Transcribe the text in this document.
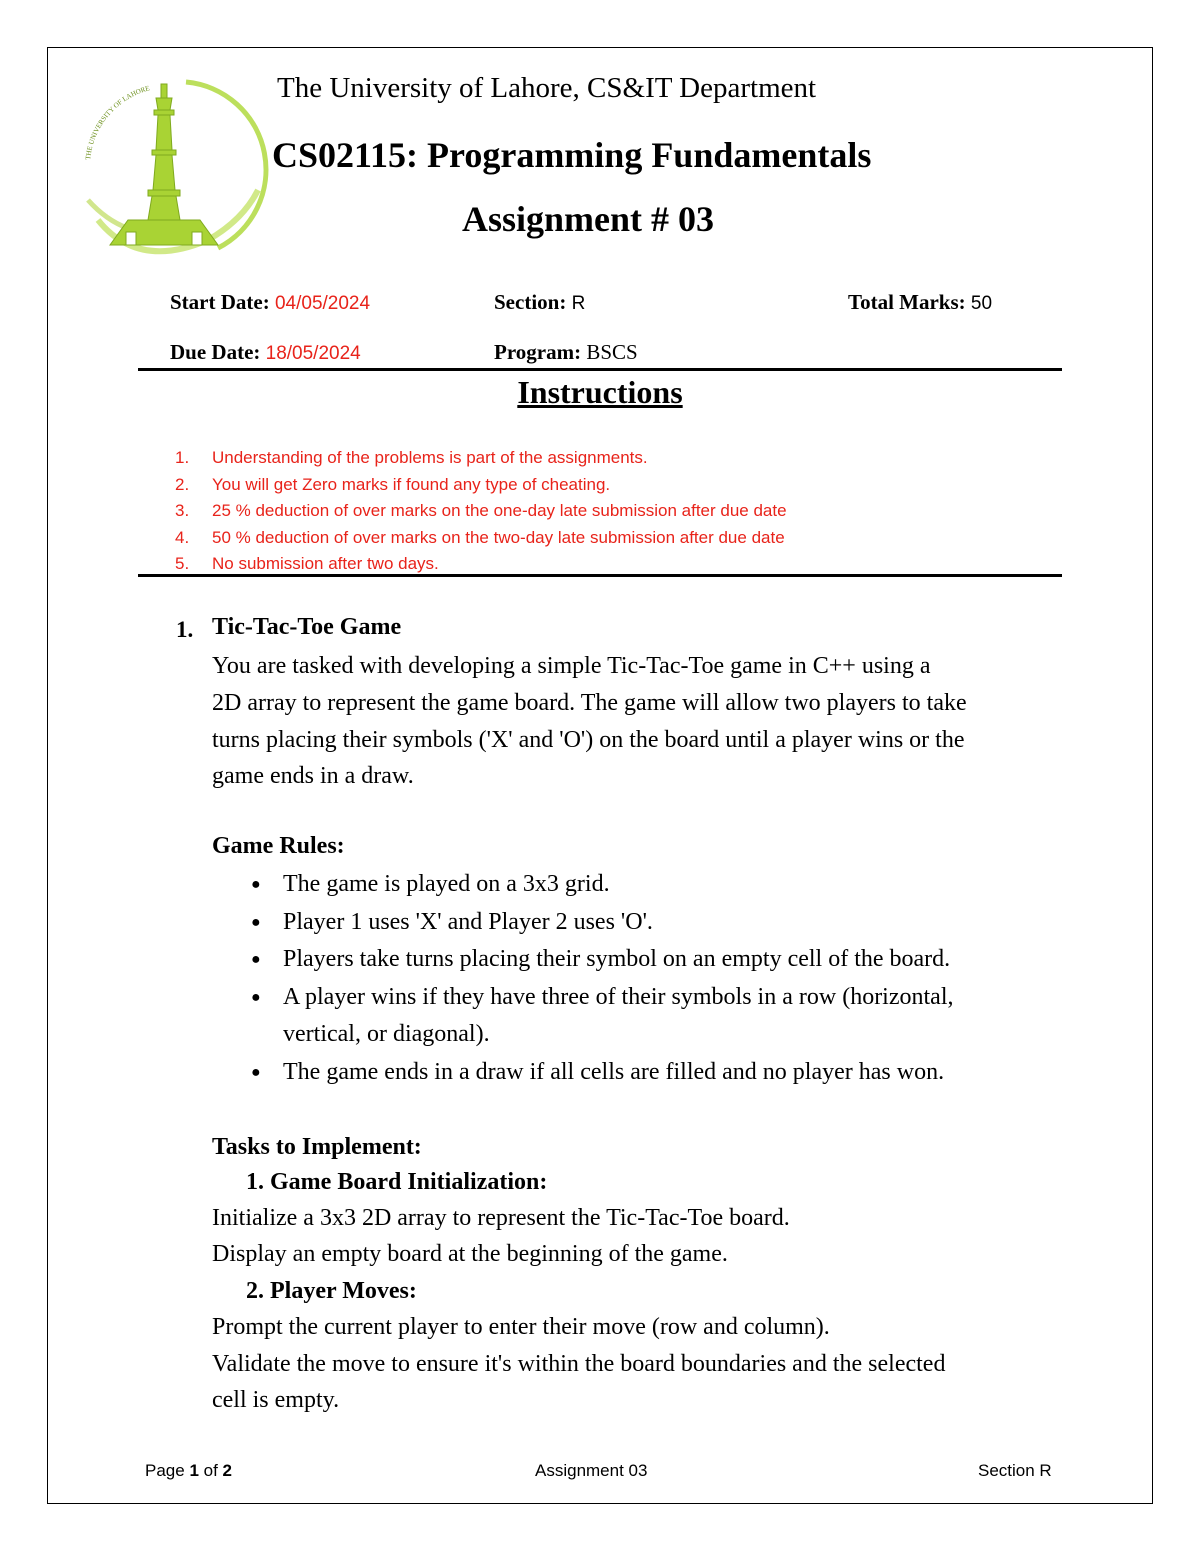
THE UNIVERSITY OF LAHORE	The University of Lahore, CS&IT Department
CS02115: Programming Fundamentals
Assignment # 03
Start Date: 04/05/2024	Section: R	Total Marks: 50
Due Date: 18/05/2024	Program: BSCS
Instructions
1. Understanding of the problems is part of the assignments.
2. You will get Zero marks if found any type of cheating.
3. 25 % deduction of over marks on the one-day late submission after due date
4. 50 % deduction of over marks on the two-day late submission after due date
5. No submission after two days.
1. Tic-Tac-Toe Game
You are tasked with developing a simple Tic-Tac-Toe game in C++ using a
2D array to represent the game board. The game will allow two players to take
turns placing their symbols ('X' and 'O') on the board until a player wins or the
game ends in a draw.
Game Rules:
● The game is played on a 3x3 grid.
● Player 1 uses 'X' and Player 2 uses 'O'.
● Players take turns placing their symbol on an empty cell of the board.
● A player wins if they have three of their symbols in a row (horizontal,
vertical, or diagonal).
● The game ends in a draw if all cells are filled and no player has won.
Tasks to Implement:
1. Game Board Initialization:
Initialize a 3x3 2D array to represent the Tic-Tac-Toe board.
Display an empty board at the beginning of the game.
2. Player Moves:
Prompt the current player to enter their move (row and column).
Validate the move to ensure it's within the board boundaries and the selected
cell is empty.
Page 1 of 2	Assignment 03	Section R
